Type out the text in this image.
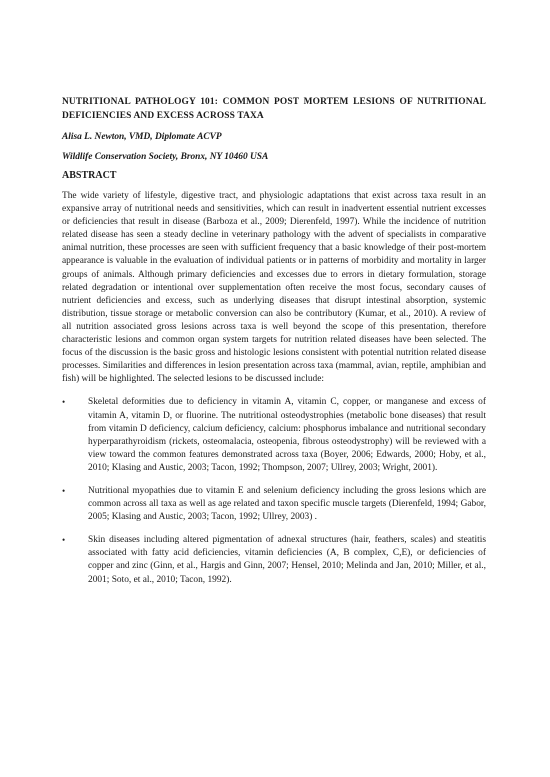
NUTRITIONAL PATHOLOGY 101: COMMON POST MORTEM LESIONS OF NUTRITIONAL DEFICIENCIES AND EXCESS ACROSS TAXA

Alisa L. Newton, VMD, Diplomate ACVP

Wildlife Conservation Society, Bronx, NY 10460 USA

ABSTRACT

The wide variety of lifestyle, digestive tract, and physiologic adaptations that exist across taxa result in an expansive array of nutritional needs and sensitivities, which can result in inadvertent essential nutrient excesses or deficiencies that result in disease (Barboza et al., 2009; Dierenfeld, 1997). While the incidence of nutrition related disease has seen a steady decline in veterinary pathology with the advent of specialists in comparative animal nutrition, these processes are seen with sufficient frequency that a basic knowledge of their post-mortem appearance is valuable in the evaluation of individual patients or in patterns of morbidity and mortality in larger groups of animals. Although primary deficiencies and excesses due to errors in dietary formulation, storage related degradation or intentional over supplementation often receive the most focus, secondary causes of nutrient deficiencies and excess, such as underlying diseases that disrupt intestinal absorption, systemic distribution, tissue storage or metabolic conversion can also be contributory (Kumar, et al., 2010). A review of all nutrition associated gross lesions across taxa is well beyond the scope of this presentation, therefore characteristic lesions and common organ system targets for nutrition related diseases have been selected. The focus of the discussion is the basic gross and histologic lesions consistent with potential nutrition related disease processes. Similarities and differences in lesion presentation across taxa (mammal, avian, reptile, amphibian and fish) will be highlighted. The selected lesions to be discussed include:

•	Skeletal deformities due to deficiency in vitamin A, vitamin C, copper, or manganese and excess of vitamin A, vitamin D, or fluorine. The nutritional osteodystrophies (metabolic bone diseases) that result from vitamin D deficiency, calcium deficiency, calcium: phosphorus imbalance and nutritional secondary hyperparathyroidism (rickets, osteomalacia, osteopenia, fibrous osteodystrophy) will be reviewed with a view toward the common features demonstrated across taxa (Boyer, 2006; Edwards, 2000; Hoby, et al., 2010; Klasing and Austic, 2003; Tacon, 1992; Thompson, 2007; Ullrey, 2003; Wright, 2001).
•	Nutritional myopathies due to vitamin E and selenium deficiency including the gross lesions which are common across all taxa as well as age related and taxon specific muscle targets (Dierenfeld, 1994; Gabor, 2005; Klasing and Austic, 2003; Tacon, 1992; Ullrey, 2003) .
•	Skin diseases including altered pigmentation of adnexal structures (hair, feathers, scales) and steatitis associated with fatty acid deficiencies, vitamin deficiencies (A, B complex, C,E), or deficiencies of copper and zinc (Ginn, et al., Hargis and Ginn, 2007; Hensel, 2010; Melinda and Jan, 2010; Miller, et al., 2001; Soto, et al., 2010; Tacon, 1992).
